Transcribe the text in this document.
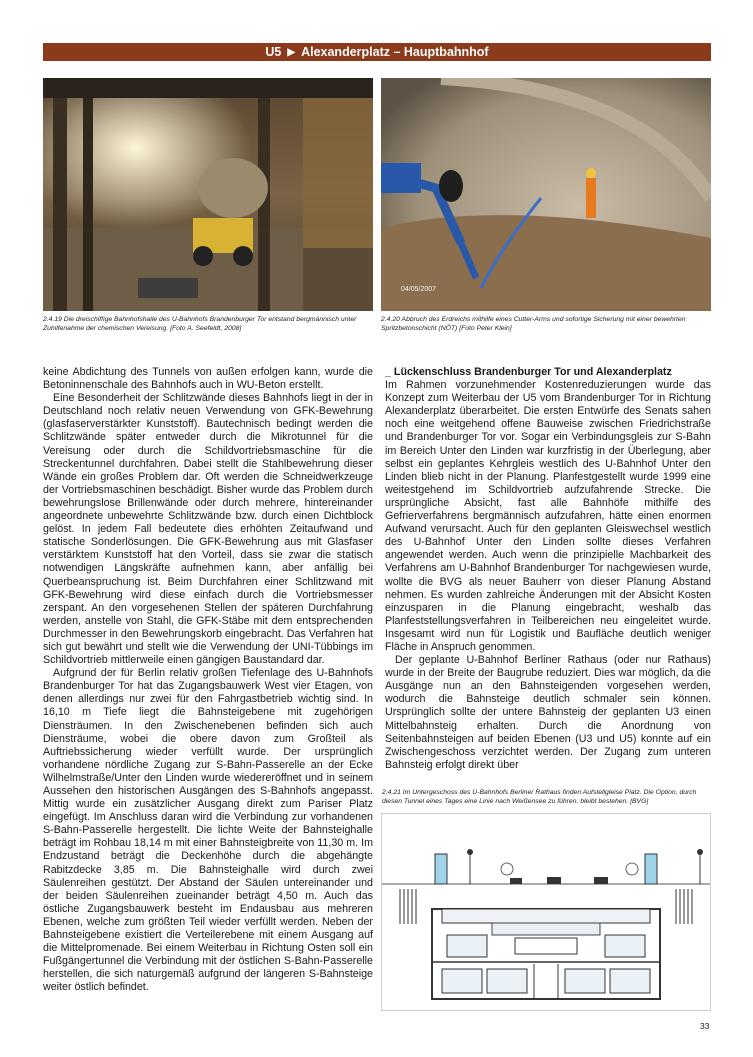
U5 ▶ Alexanderplatz – Hauptbahnhof
2.4.19 Die dreischiffige Bahnhofshalle des U-Bahnhofs Brandenburger Tor entstand bergmännisch unter Zuhilfenahme der chemischen Vereisung. [Foto A. Seefeldt, 2008]
04/05/2007
2.4.20 Abbruch des Erdreichs mithilfe eines Cutter-Arms und sofortige Sicherung mit einer bewehrten Spritzbetonschicht (NÖT) [Foto Peter Klein]

keine Abdichtung des Tunnels von außen erfolgen kann, wurde die Betoninnenschale des Bahnhofs auch in WU-Beton erstellt.

Eine Besonderheit der Schlitzwände dieses Bahnhofs liegt in der in Deutschland noch relativ neuen Verwendung von GFK-Bewehrung (glasfaserverstärkter Kunststoff). Bautechnisch bedingt werden die Schlitzwände später entweder durch die Mikrotunnel für die Vereisung oder durch die Schildvortriebsmaschine für die Streckentunnel durchfahren. Dabei stellt die Stahlbewehrung dieser Wände ein großes Problem dar. Oft werden die Schneidwerkzeuge der Vortriebsmaschinen beschädigt. Bisher wurde das Problem durch bewehrungslose Brillenwände oder durch mehrere, hintereinander angeordnete unbewehrte Schlitzwände bzw. durch einen Dichtblock gelöst. In jedem Fall bedeutete dies erhöhten Zeitaufwand und statische Sonderlösungen. Die GFK-Bewehrung aus mit Glasfaser verstärktem Kunststoff hat den Vorteil, dass sie zwar die statisch notwendigen Längskräfte aufnehmen kann, aber anfällig bei Querbeanspruchung ist. Beim Durchfahren einer Schlitzwand mit GFK-Bewehrung wird diese einfach durch die Vortriebsmesser zerspant. An den vorgesehenen Stellen der späteren Durchfahrung werden, anstelle von Stahl, die GFK-Stäbe mit dem entsprechenden Durchmesser in den Bewehrungskorb eingebracht. Das Verfahren hat sich gut bewährt und stellt wie die Verwendung der UNI-Tübbings im Schildvortrieb mittlerweile einen gängigen Baustandard dar.

Aufgrund der für Berlin relativ großen Tiefenlage des U-Bahnhofs Brandenburger Tor hat das Zugangsbauwerk West vier Etagen, von denen allerdings nur zwei für den Fahrgastbetrieb wichtig sind. In 16,10 m Tiefe liegt die Bahnsteigebene mit zugehörigen Diensträumen. In den Zwischenebenen befinden sich auch Diensträume, wobei die obere davon zum Großteil als Auftriebssicherung wieder verfüllt wurde. Der ursprünglich vorhandene nördliche Zugang zur S-Bahn-Passerelle an der Ecke Wilhelmstraße/Unter den Linden wurde wiedereröffnet und in seinem Aussehen den historischen Ausgängen des S-Bahnhofs angepasst. Mittig wurde ein zusätzlicher Ausgang direkt zum Pariser Platz eingefügt. Im Anschluss daran wird die Verbindung zur vorhandenen S-Bahn-Passerelle hergestellt. Die lichte Weite der Bahnsteighalle beträgt im Rohbau 18,14 m mit einer Bahnsteigbreite von 11,30 m. Im Endzustand beträgt die Deckenhöhe durch die abgehängte Rabitzdecke 3,85 m. Die Bahnsteighalle wird durch zwei Säulenreihen gestützt. Der Abstand der Säulen untereinander und der beiden Säulenreihen zueinander beträgt 4,50 m. Auch das östliche Zugangsbauwerk besteht im Endausbau aus mehreren Ebenen, welche zum größten Teil wieder verfüllt werden. Neben der Bahnsteigebene existiert die Verteilerebene mit einem Ausgang auf die Mittelpromenade. Bei einem Weiterbau in Richtung Osten soll ein Fußgängertunnel die Verbindung mit der östlichen S-Bahn-Passerelle herstellen, die sich naturgemäß aufgrund der längeren S-Bahnsteige weiter östlich befindet.

_ Lückenschluss Brandenburger Tor und Alexanderplatz

Im Rahmen vorzunehmender Kostenreduzierungen wurde das Konzept zum Weiterbau der U5 vom Brandenburger Tor in Richtung Alexanderplatz überarbeitet. Die ersten Entwürfe des Senats sahen noch eine weitgehend offene Bauweise zwischen Friedrichstraße und Brandenburger Tor vor. Sogar ein Verbindungsgleis zur S-Bahn im Bereich Unter den Linden war kurzfristig in der Überlegung, aber selbst ein geplantes Kehrgleis westlich des U-Bahnhof Unter den Linden blieb nicht in der Planung. Planfestgestellt wurde 1999 eine weitestgehend im Schildvortrieb aufzufahrende Strecke. Die ursprüngliche Absicht, fast alle Bahnhöfe mithilfe des Gefrierverfahrens bergmännisch aufzufahren, hätte einen enormen Aufwand verursacht. Auch für den geplanten Gleiswechsel westlich des U-Bahnhof Unter den Linden sollte dieses Verfahren angewendet werden. Auch wenn die prinzipielle Machbarkeit des Verfahrens am U-Bahnhof Brandenburger Tor nachgewiesen wurde, wollte die BVG als neuer Bauherr von dieser Planung Abstand nehmen. Es wurden zahlreiche Änderungen mit der Absicht Kosten einzusparen in die Planung eingebracht, weshalb das Planfeststellungsverfahren in Teilbereichen neu eingeleitet wurde. Insgesamt wird nun für Logistik und Baufläche deutlich weniger Fläche in Anspruch genommen.

Der geplante U-Bahnhof Berliner Rathaus (oder nur Rathaus) wurde in der Breite der Baugrube reduziert. Dies war möglich, da die Ausgänge nun an den Bahnsteigenden vorgesehen werden, wodurch die Bahnsteige deutlich schmaler sein können. Ursprünglich sollte der untere Bahnsteig der geplanten U3 einen Mittelbahnsteig erhalten. Durch die Anordnung von Seitenbahnsteigen auf beiden Ebenen (U3 und U5) konnte auf ein Zwischengeschoss verzichtet werden. Der Zugang zum unteren Bahnsteig erfolgt direkt über

2.4.21 Im Untergeschoss des U-Bahnhofs Berliner Rathaus finden Aufstellgleise Platz. Die Option, durch diesen Tunnel eines Tages eine Linie nach Weißensee zu führen, bleibt bestehen. [BVG]
33
